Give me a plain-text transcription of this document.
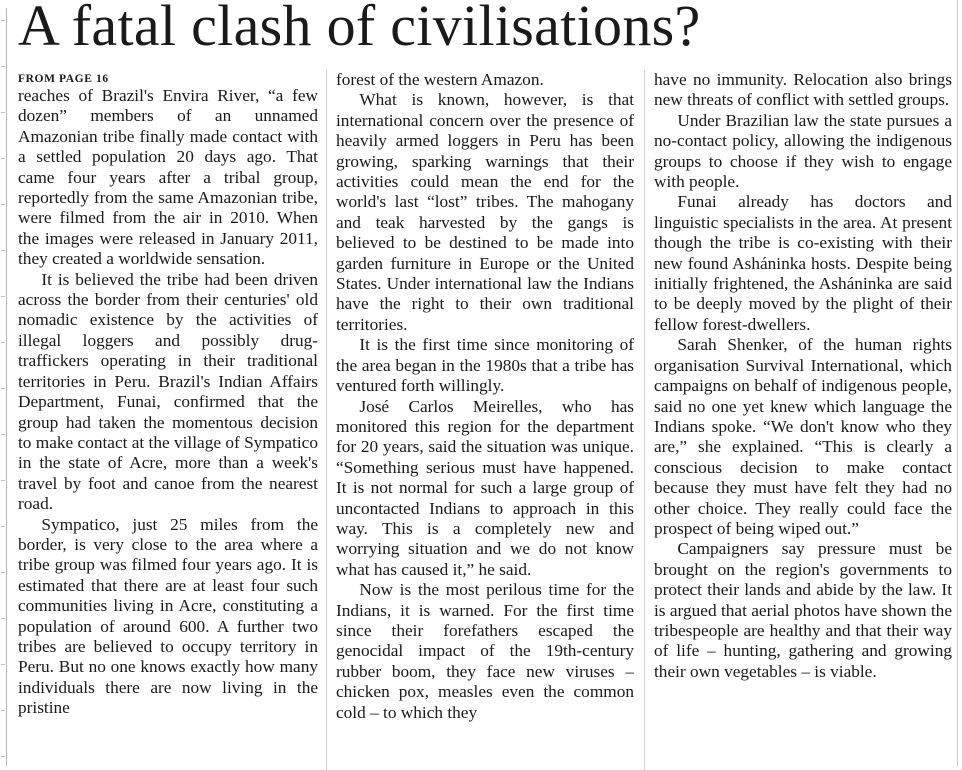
A fatal clash of civilisations?
FROM PAGE 16

reaches of Brazil's Envira River, “a few dozen” members of an unnamed Amazonian tribe finally made contact with a settled population 20 days ago. That came four years after a tribal group, reportedly from the same Amazonian tribe, were filmed from the air in 2010. When the images were released in January 2011, they created a worldwide sensation.

It is believed the tribe had been driven across the border from their centuries' old nomadic existence by the activities of illegal loggers and possibly drug-traffickers operating in their traditional territories in Peru. Brazil's Indian Affairs Department, Funai, confirmed that the group had taken the momentous decision to make contact at the village of Sympatico in the state of Acre, more than a week's travel by foot and canoe from the nearest road.

Sympatico, just 25 miles from the border, is very close to the area where a tribe group was filmed four years ago. It is estimated that there are at least four such communities living in Acre, constituting a population of around 600. A further two tribes are believed to occupy territory in Peru. But no one knows exactly how many individuals there are now living in the pristine

forest of the western Amazon.

What is known, however, is that international concern over the presence of heavily armed loggers in Peru has been growing, sparking warnings that their activities could mean the end for the world's last “lost” tribes. The mahogany and teak harvested by the gangs is believed to be destined to be made into garden furniture in Europe or the United States. Under international law the Indians have the right to their own traditional territories.

It is the first time since monitoring of the area began in the 1980s that a tribe has ventured forth willingly.

José Carlos Meirelles, who has monitored this region for the department for 20 years, said the situation was unique. “Something serious must have happened. It is not normal for such a large group of uncontacted Indians to approach in this way. This is a completely new and worrying situation and we do not know what has caused it,” he said.

Now is the most perilous time for the Indians, it is warned. For the first time since their forefathers escaped the genocidal impact of the 19th-century rubber boom, they face new viruses – chicken pox, measles even the common cold – to which they

have no immunity. Relocation also brings new threats of conflict with settled groups.

Under Brazilian law the state pursues a no-contact policy, allowing the indigenous groups to choose if they wish to engage with people.

Funai already has doctors and linguistic specialists in the area. At present though the tribe is co-existing with their new found Asháninka hosts. Despite being initially frightened, the Asháninka are said to be deeply moved by the plight of their fellow forest-dwellers.

Sarah Shenker, of the human rights organisation Survival International, which campaigns on behalf of indigenous people, said no one yet knew which language the Indians spoke. “We don't know who they are,” she explained. “This is clearly a conscious decision to make contact because they must have felt they had no other choice. They really could face the prospect of being wiped out.”

Campaigners say pressure must be brought on the region's governments to protect their lands and abide by the law. It is argued that aerial photos have shown the tribespeople are healthy and that their way of life – hunting, gathering and growing their own vegetables – is viable.
